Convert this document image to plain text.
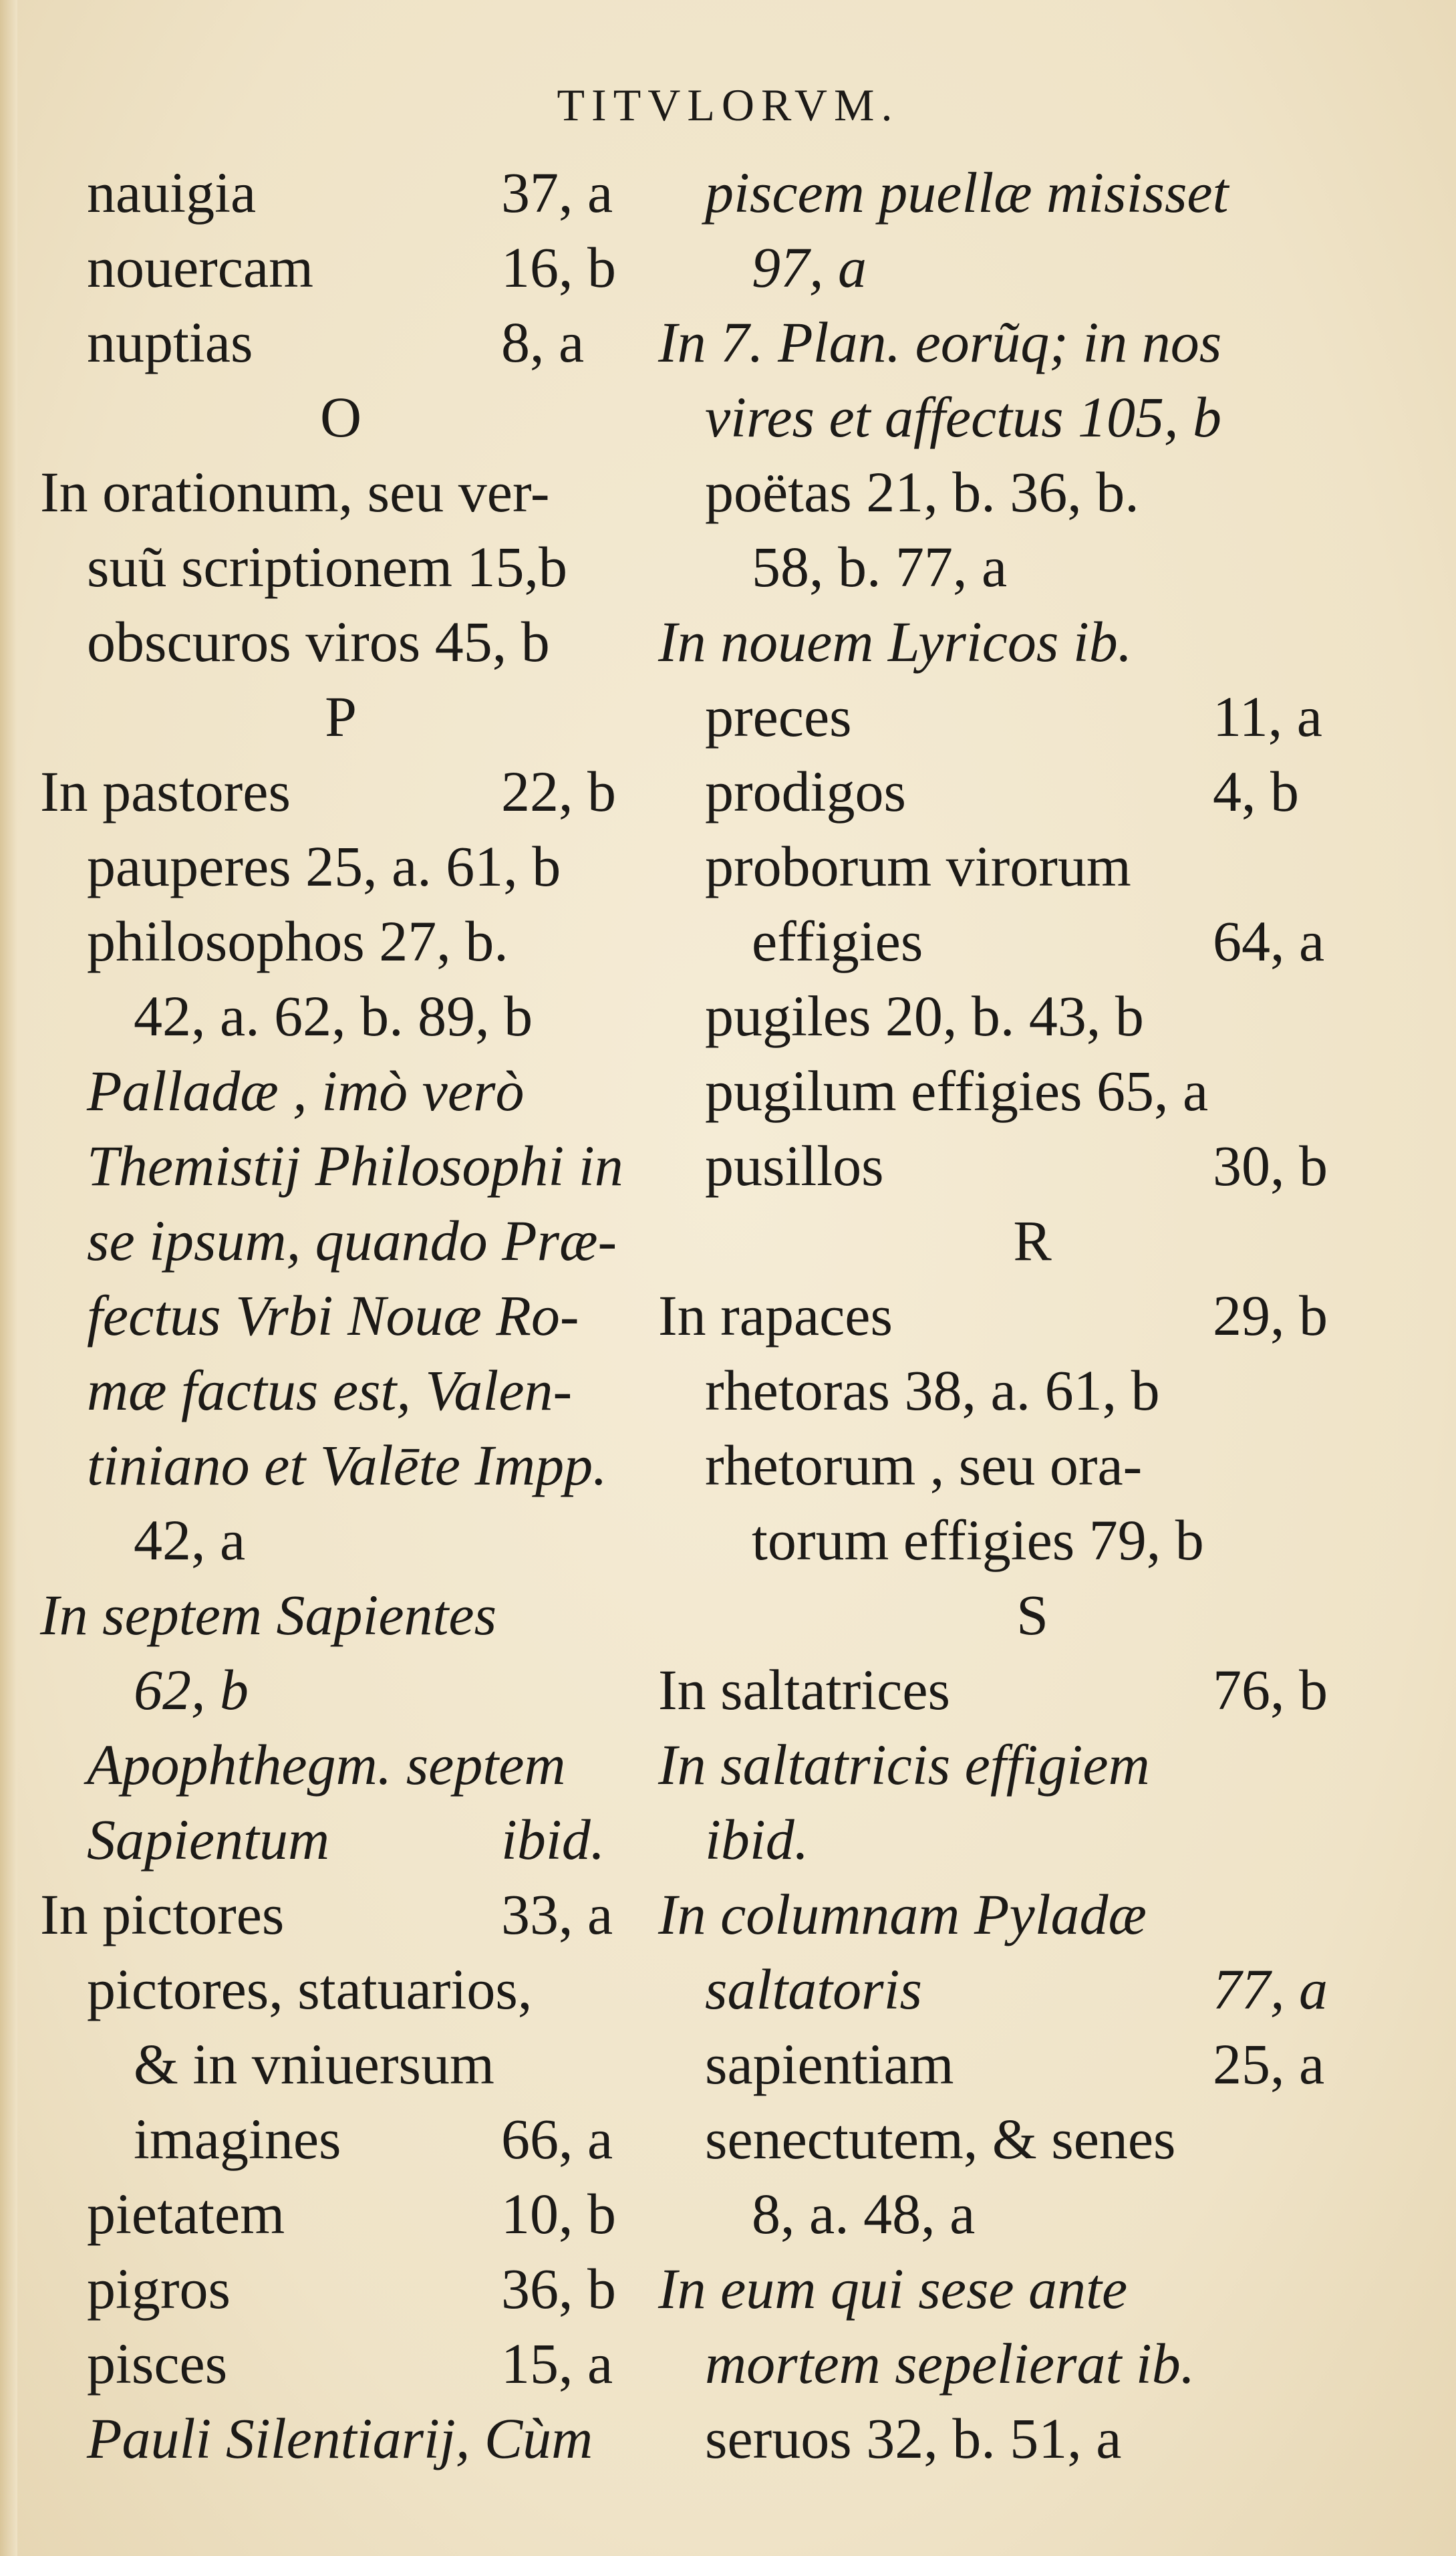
TITVLORVM.
nauigia	37, a
nouercam	16, b
nuptias	8, a
O
In orationum, seu ver-
suũ scriptionem 15,b
obscuros viros 45, b
P
In pastores	22, b
pauperes 25, a. 61, b
philosophos 27, b.
42, a. 62, b. 89, b
Palladæ , imò verò
Themistij Philosophi in
se ipsum, quando Præ-
fectus Vrbi Nouæ Ro-
mæ factus est, Valen-
tiniano et Valēte Impp.
42, a
In septem Sapientes
62, b
Apophthegm. septem
Sapientum	ibid.
In pictores	33, a
pictores, statuarios,
& in vniuersum
imagines	66, a
pietatem	10, b
pigros	36, b
pisces	15, a
Pauli Silentiarij, Cùm
piscem puellæ misisset
97, a
In 7. Plan. eorũq; in nos
vires et affectus 105, b
poëtas 21, b. 36, b.
58, b. 77, a
In nouem Lyricos ib.
preces	11, a
prodigos	4, b
proborum virorum
effigies	64, a
pugiles 20, b. 43, b
pugilum effigies 65, a
pusillos	30, b
R
In rapaces	29, b
rhetoras 38, a. 61, b
rhetorum , seu ora-
torum effigies 79, b
S
In saltatrices	76, b
In saltatricis effigiem
ibid.
In columnam Pyladæ
saltatoris	77, a
sapientiam	25, a
senectutem, & senes
8, a. 48, a
In eum qui sese ante
mortem sepelierat ib.
seruos 32, b. 51, a
